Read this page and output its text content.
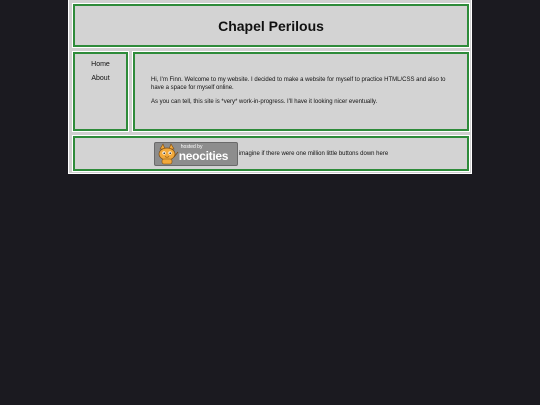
Chapel Perilous
Home
About	Hi, I'm Finn. Welcome to my website. I decided to make a website for myself to practice HTML/CSS and also to have a space for myself online.

As you can tell, this site is *very* work-in-progress. I'll have it looking nicer eventually.

hosted by
neocities imagine if there were one million little buttons down here
